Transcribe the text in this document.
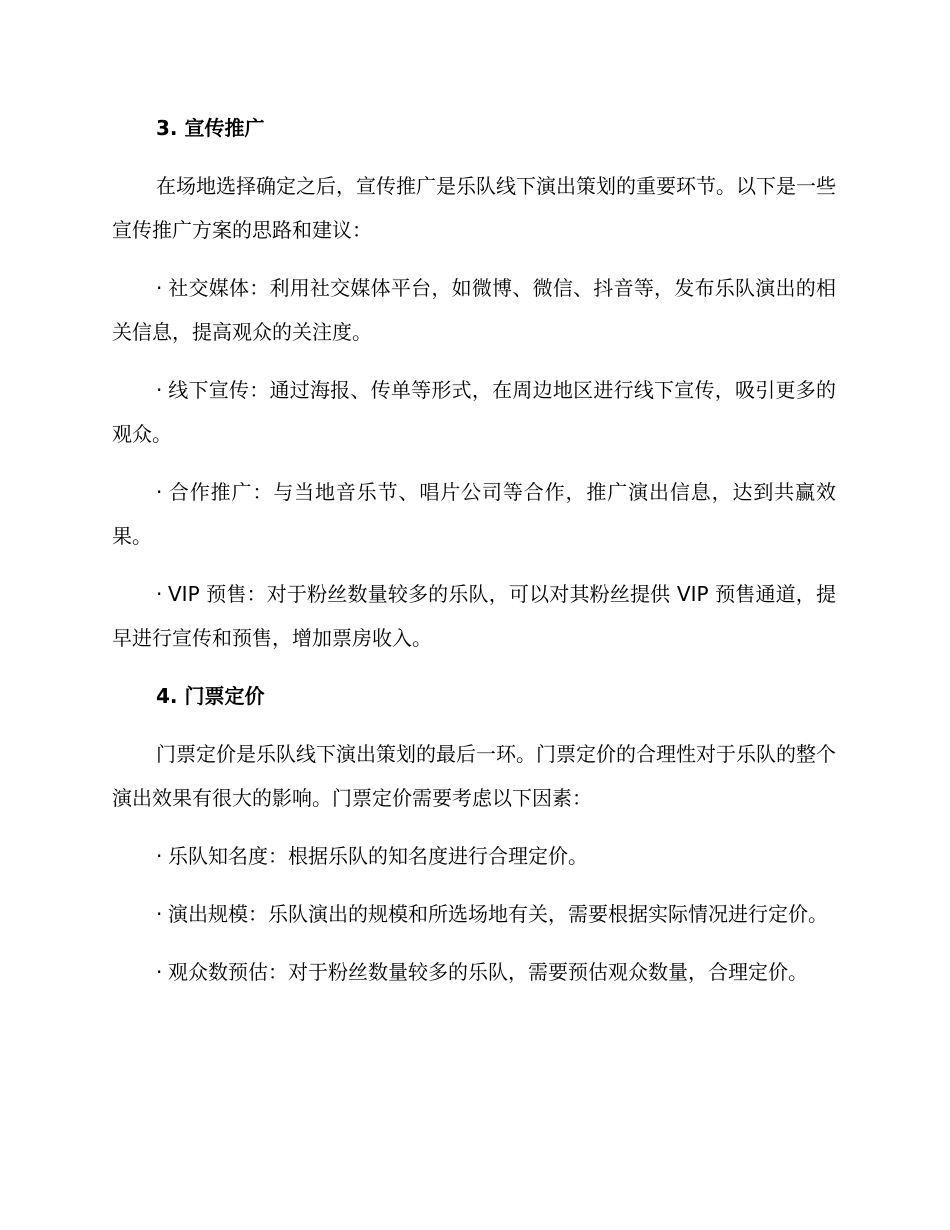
3. 宣传推广

在场地选择确定之后，宣传推广是乐队线下演出策划的重要环节。以下是一些宣传推广方案的思路和建议：

· 社交媒体：利用社交媒体平台，如微博、微信、抖音等，发布乐队演出的相关信息，提高观众的关注度。

· 线下宣传：通过海报、传单等形式，在周边地区进行线下宣传，吸引更多的观众。

· 合作推广：与当地音乐节、唱片公司等合作，推广演出信息，达到共赢效果。

· VIP 预售：对于粉丝数量较多的乐队，可以对其粉丝提供 VIP 预售通道，提早进行宣传和预售，增加票房收入。

4. 门票定价

门票定价是乐队线下演出策划的最后一环。门票定价的合理性对于乐队的整个演出效果有很大的影响。门票定价需要考虑以下因素：

· 乐队知名度：根据乐队的知名度进行合理定价。

· 演出规模：乐队演出的规模和所选场地有关，需要根据实际情况进行定价。

· 观众数预估：对于粉丝数量较多的乐队，需要预估观众数量，合理定价。
